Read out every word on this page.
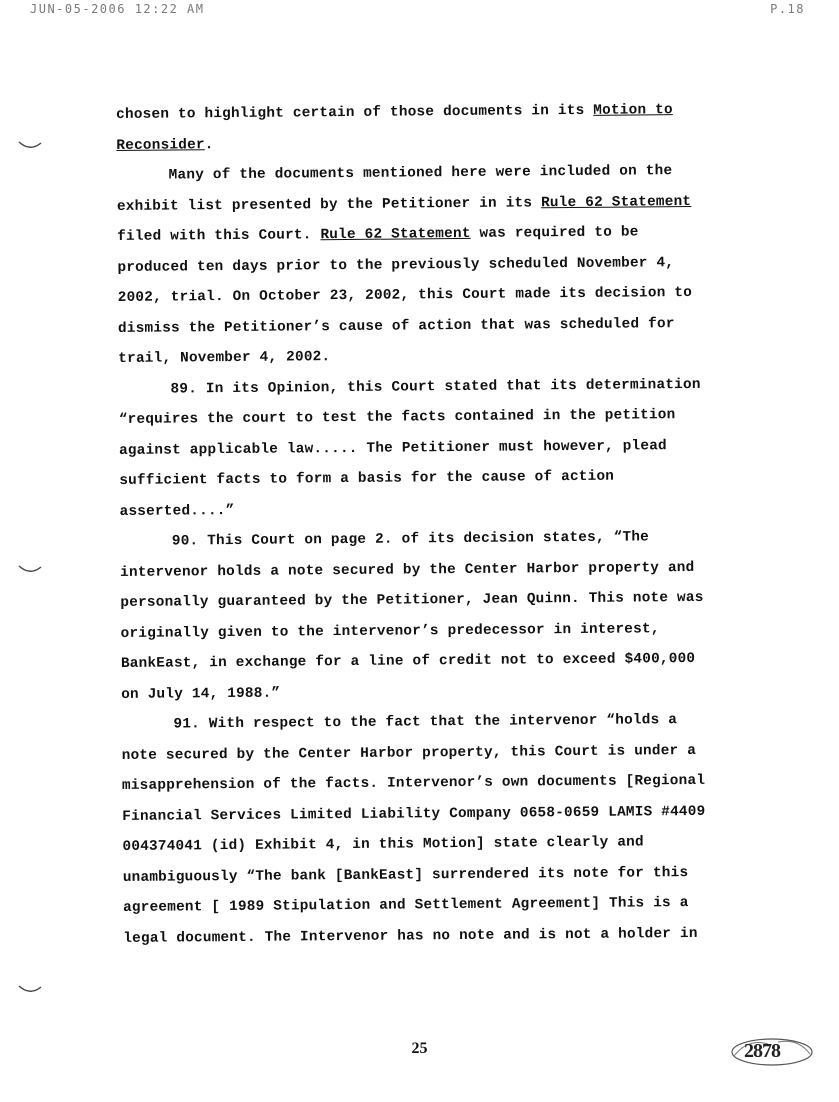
JUN-05-2006 12:22 AM	P.18

chosen to highlight certain of those documents in its Motion to Reconsider.

Many of the documents mentioned here were included on the exhibit list presented by the Petitioner in its Rule 62 Statement filed with this Court. Rule 62 Statement was required to be produced ten days prior to the previously scheduled November 4, 2002, trial. On October 23, 2002, this Court made its decision to dismiss the Petitioner’s cause of action that was scheduled for trail, November 4, 2002.

89. In its Opinion, this Court stated that its determination “requires the court to test the facts contained in the petition against applicable law..... The Petitioner must however, plead sufficient facts to form a basis for the cause of action asserted....”

90. This Court on page 2. of its decision states, “The intervenor holds a note secured by the Center Harbor property and personally guaranteed by the Petitioner, Jean Quinn. This note was originally given to the intervenor’s predecessor in interest, BankEast, in exchange for a line of credit not to exceed $400,000 on July 14, 1988.”

91. With respect to the fact that the intervenor “holds a note secured by the Center Harbor property, this Court is under a misapprehension of the facts. Intervenor’s own documents [Regional Financial Services Limited Liability Company 0658-0659 LAMIS #4409 004374041 (id) Exhibit 4, in this Motion] state clearly and unambiguously “The bank [BankEast] surrendered its note for this agreement [ 1989 Stipulation and Settlement Agreement] This is a legal document. The Intervenor has no note and is not a holder in

25	2878
